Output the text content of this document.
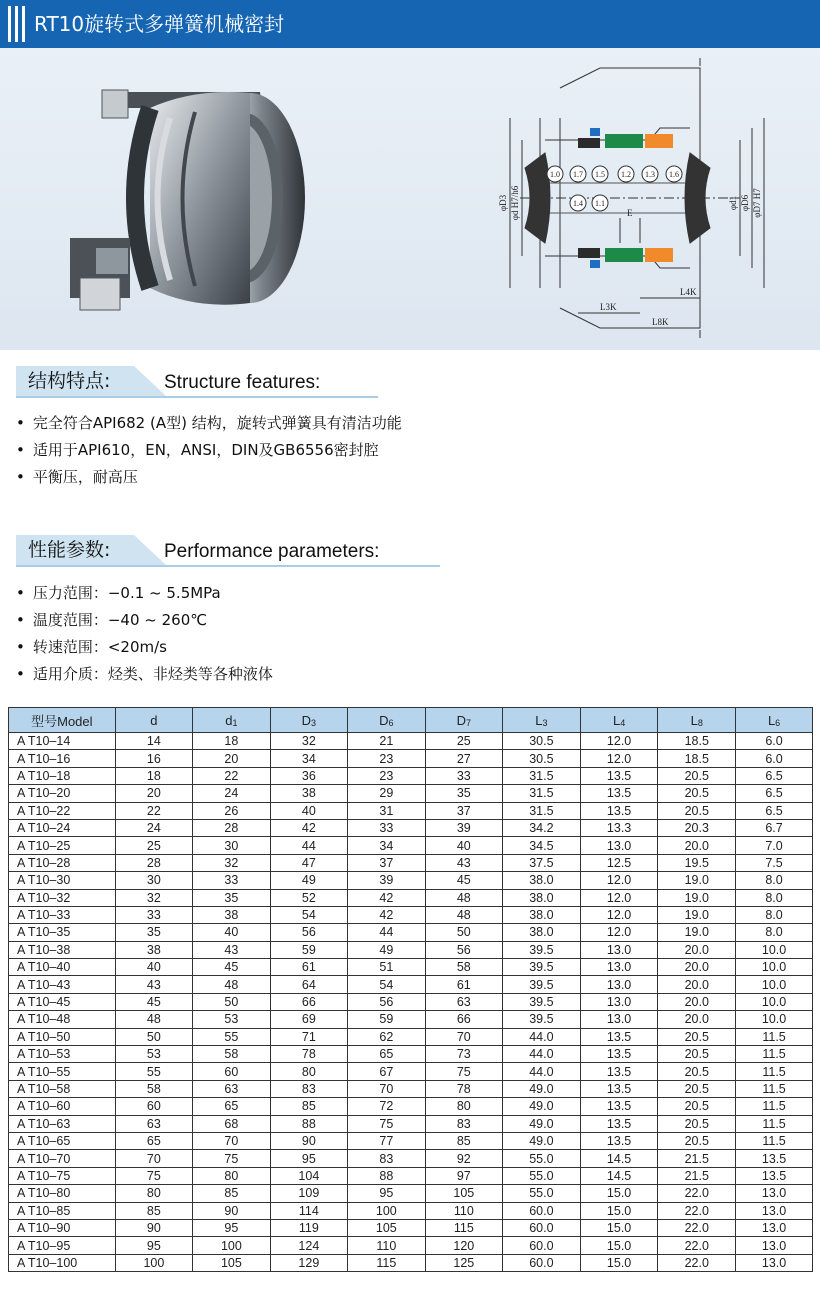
RT10旋转式多弹簧机械密封
1.0 1.7 1.5 1.2 1.3 1.6
1.4 1.1
φD3 φd H7/h6	φd1 φD6 φD7 H7
E
L3K
L4K
L8K
结构特点:	Structure features:
• 完全符合API682 (A型) 结构，旋转式弹簧具有清洁功能
• 适用于API610，EN，ANSI，DIN及GB6556密封腔
• 平衡压，耐高压
性能参数:	Performance parameters:
• 压力范围：−0.1 ~ 5.5MPa
• 温度范围：−40 ~ 260℃
• 转速范围：<20m/s
• 适用介质：烃类、非烃类等各种液体
型号Model	d	$d_1$	$D_3$	$D_6$	$D_7$	$L_3$	$L_4$	$L_8$	$L_6$
A T10–14	14	18	32	21	25	30.5	12.0	18.5	6.0
A T10–16	16	20	34	23	27	30.5	12.0	18.5	6.0
A T10–18	18	22	36	23	33	31.5	13.5	20.5	6.5
A T10–20	20	24	38	29	35	31.5	13.5	20.5	6.5
A T10–22	22	26	40	31	37	31.5	13.5	20.5	6.5
A T10–24	24	28	42	33	39	34.2	13.3	20.3	6.7
A T10–25	25	30	44	34	40	34.5	13.0	20.0	7.0
A T10–28	28	32	47	37	43	37.5	12.5	19.5	7.5
A T10–30	30	33	49	39	45	38.0	12.0	19.0	8.0
A T10–32	32	35	52	42	48	38.0	12.0	19.0	8.0
A T10–33	33	38	54	42	48	38.0	12.0	19.0	8.0
A T10–35	35	40	56	44	50	38.0	12.0	19.0	8.0
A T10–38	38	43	59	49	56	39.5	13.0	20.0	10.0
A T10–40	40	45	61	51	58	39.5	13.0	20.0	10.0
A T10–43	43	48	64	54	61	39.5	13.0	20.0	10.0
A T10–45	45	50	66	56	63	39.5	13.0	20.0	10.0
A T10–48	48	53	69	59	66	39.5	13.0	20.0	10.0
A T10–50	50	55	71	62	70	44.0	13.5	20.5	11.5
A T10–53	53	58	78	65	73	44.0	13.5	20.5	11.5
A T10–55	55	60	80	67	75	44.0	13.5	20.5	11.5
A T10–58	58	63	83	70	78	49.0	13.5	20.5	11.5
A T10–60	60	65	85	72	80	49.0	13.5	20.5	11.5
A T10–63	63	68	88	75	83	49.0	13.5	20.5	11.5
A T10–65	65	70	90	77	85	49.0	13.5	20.5	11.5
A T10–70	70	75	95	83	92	55.0	14.5	21.5	13.5
A T10–75	75	80	104	88	97	55.0	14.5	21.5	13.5
A T10–80	80	85	109	95	105	55.0	15.0	22.0	13.0
A T10–85	85	90	114	100	110	60.0	15.0	22.0	13.0
A T10–90	90	95	119	105	115	60.0	15.0	22.0	13.0
A T10–95	95	100	124	110	120	60.0	15.0	22.0	13.0
A T10–100	100	105	129	115	125	60.0	15.0	22.0	13.0
